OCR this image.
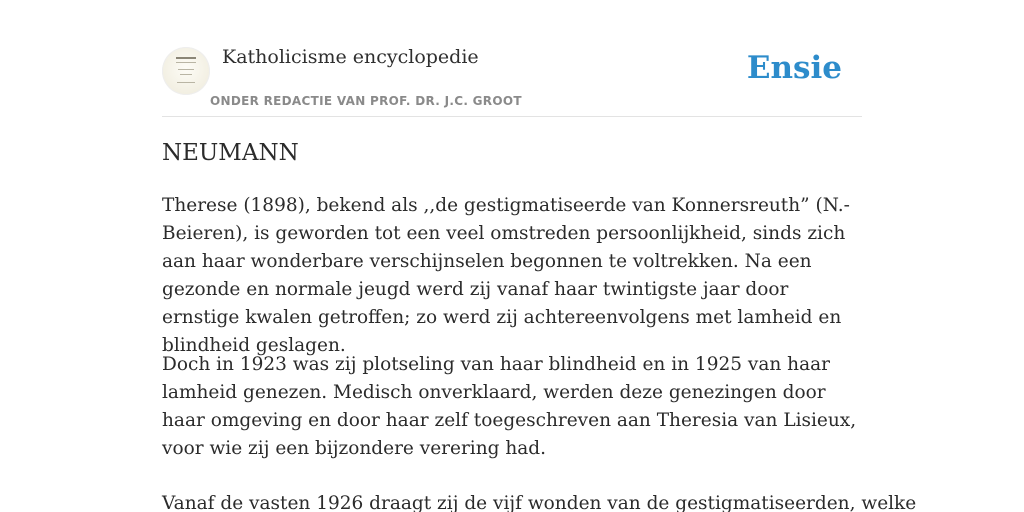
Katholicisme encyclopedie
ONDER REDACTIE VAN PROF. DR. J.C. GROOT
Ensie
NEUMANN

Therese (1898), bekend als ,,de gestigmatiseerde van Konnersreuth” (N.-Beieren), is geworden tot een veel omstreden persoonlijkheid, sinds zich aan haar wonderbare verschijnselen begonnen te voltrekken. Na een gezonde en normale jeugd werd zij vanaf haar twintigste jaar door ernstige kwalen getroffen; zo werd zij achtereenvolgens met lamheid en blindheid geslagen.

Doch in 1923 was zij plotseling van haar blindheid en in 1925 van haar lamheid genezen. Medisch onverklaard, werden deze genezingen door haar omgeving en door haar zelf toegeschreven aan Theresia van Lisieux, voor wie zij een bijzondere verering had.

Vanaf de vasten 1926 draagt zij de vijf wonden van de gestigmatiseerden, welke
